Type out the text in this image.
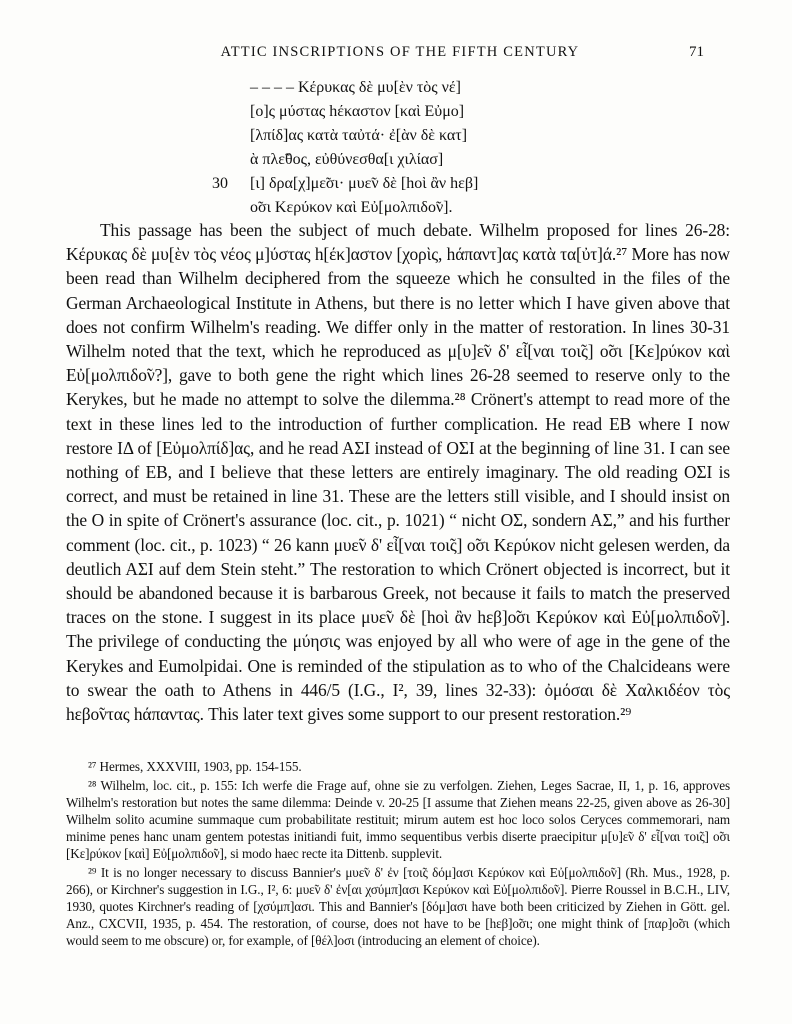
ATTIC INSCRIPTIONS OF THE FIFTH CENTURY	71
– – – – Κέρυκας δὲ μυ[ὲν τὸς νέ]
[ο]ς μύστας hέκαστον [καὶ Εὐμο]
[λπίδ]ας κατὰ ταὐτά· ἐ[ὰν δὲ κατ]
ὰ πλε̃θος, εὐθύνεσθα[ι χιλίασ]
30 [ι] δρα[χ]με̃σι· μυε̃ν δὲ [hοὶ ἂν hεβ]
ο̃σι Κερύκον καὶ Εὐ[μολπιδο̃ν].

This passage has been the subject of much debate. Wilhelm proposed for lines 26-28: Κέρυκας δὲ μυ[ὲν τὸς νέος μ]ύστας h[έκ]αστον [χορὶς, hάπαντ]ας κατὰ τα[ὐτ]ά.²⁷ More has now been read than Wilhelm deciphered from the squeeze which he consulted in the files of the German Archaeological Institute in Athens, but there is no letter which I have given above that does not confirm Wilhelm's reading. We differ only in the matter of restoration. In lines 30-31 Wilhelm noted that the text, which he reproduced as μ[υ]ε̃ν δ' εἶ[ναι τοι̃ς] ο̃σι [Κε]ρύκον καὶ Εὐ[μολπιδο̃ν?], gave to both gene the right which lines 26-28 seemed to reserve only to the Kerykes, but he made no attempt to solve the dilemma.²⁸ Crönert's attempt to read more of the text in these lines led to the introduction of further complication. He read EB where I now restore IΔ of [Εὐμολπίδ]ας, and he read AΣI instead of OΣI at the beginning of line 31. I can see nothing of EB, and I believe that these letters are entirely imaginary. The old reading OΣI is correct, and must be retained in line 31. These are the letters still visible, and I should insist on the O in spite of Crönert's assurance (loc. cit., p. 1021) “ nicht OΣ, sondern AΣ,” and his further comment (loc. cit., p. 1023) “ 26 kann μυε̃ν δ' εἶ[ναι τοι̃ς] ο̃σι Κερύκον nicht gelesen werden, da deutlich AΣI auf dem Stein steht.” The restoration to which Crönert objected is incorrect, but it should be abandoned because it is barbarous Greek, not because it fails to match the preserved traces on the stone. I suggest in its place μυε̃ν δὲ [hοὶ ἂν hεβ]ο̃σι Κερύκον καὶ Εὐ[μολπιδο̃ν]. The privilege of conducting the μύησις was enjoyed by all who were of age in the gene of the Kerykes and Eumolpidai. One is reminded of the stipulation as to who of the Chalcideans were to swear the oath to Athens in 446/5 (I.G., I², 39, lines 32-33): ὀμόσαι δὲ Χαλκιδέον τὸς hεβο̃ντας hάπαντας. This later text gives some support to our present restoration.²⁹

²⁷ Hermes, XXXVIII, 1903, pp. 154-155.

²⁸ Wilhelm, loc. cit., p. 155: Ich werfe die Frage auf, ohne sie zu verfolgen. Ziehen, Leges Sacrae, II, 1, p. 16, approves Wilhelm's restoration but notes the same dilemma: Deinde v. 20-25 [I assume that Ziehen means 22-25, given above as 26-30] Wilhelm solito acumine summaque cum probabilitate restituit; mirum autem est hoc loco solos Ceryces commemorari, nam minime penes hanc unam gentem potestas initiandi fuit, immo sequentibus verbis diserte praecipitur μ[υ]ε̃ν δ' εἶ[ναι τοι̃ς] ο̃σι [Κε]ρύκον [καὶ] Εὐ[μολπιδο̃ν], si modo haec recte ita Dittenb. supplevit.

²⁹ It is no longer necessary to discuss Bannier's μυε̃ν δ' ἐν [τοι̃ς δόμ]ασι Κερύκον καὶ Εὐ[μολπιδο̃ν] (Rh. Mus., 1928, p. 266), or Kirchner's suggestion in I.G., I², 6: μυε̃ν δ' ἐν[αι χσύμπ]ασι Κερύκον καὶ Εὐ[μολπιδο̃ν]. Pierre Roussel in B.C.H., LIV, 1930, quotes Kirchner's reading of [χσύμπ]ασι. This and Bannier's [δόμ]ασι have both been criticized by Ziehen in Gött. gel. Anz., CXCVII, 1935, p. 454. The restoration, of course, does not have to be [hεβ]ο̃σι; one might think of [παρ]ο̃σι (which would seem to me obscure) or, for example, of [θέλ]οσι (introducing an element of choice).
